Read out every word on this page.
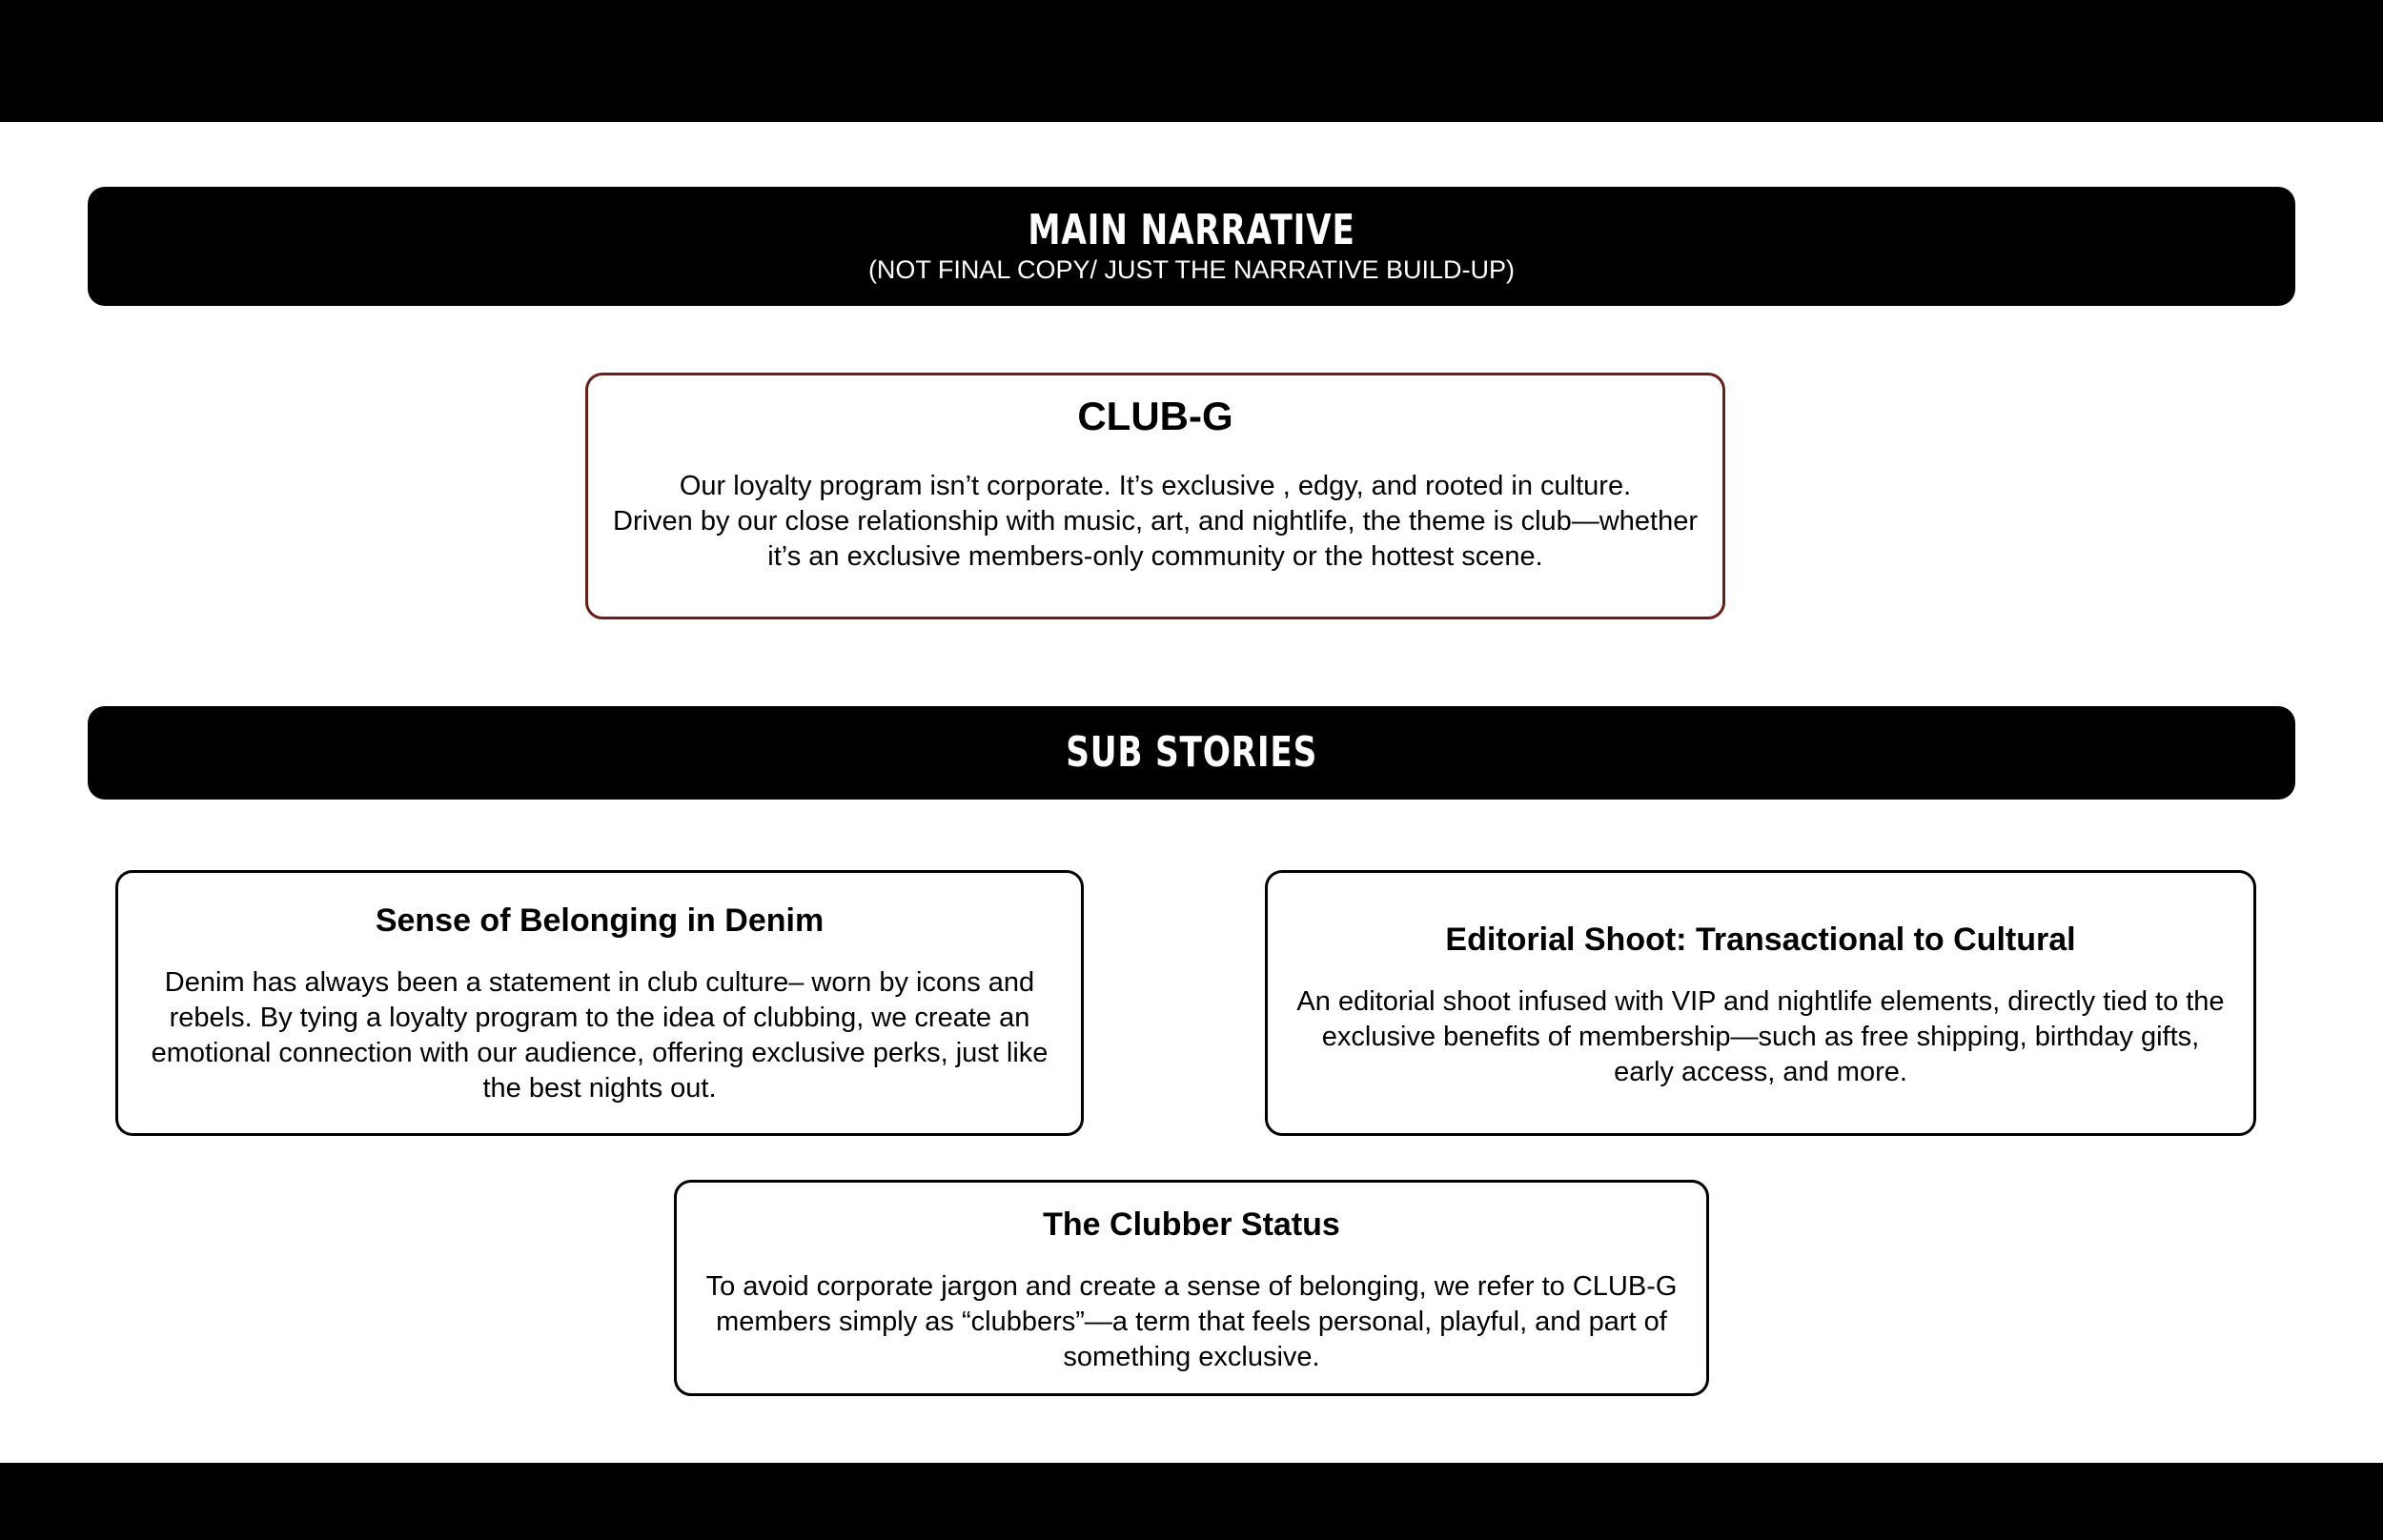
MAIN NARRATIVE
(NOT FINAL COPY/ JUST THE NARRATIVE BUILD-UP)
CLUB-G
Our loyalty program isn’t corporate. It’s exclusive , edgy, and rooted in culture.
Driven by our close relationship with music, art, and nightlife, the theme is club—whether
it’s an exclusive members-only community or the hottest scene.
SUB STORIES
Sense of Belonging in Denim
Denim has always been a statement in club culture– worn by icons and
rebels. By tying a loyalty program to the idea of clubbing, we create an
emotional connection with our audience, offering exclusive perks, just like
the best nights out.
Editorial Shoot: Transactional to Cultural
An editorial shoot infused with VIP and nightlife elements, directly tied to the
exclusive benefits of membership—such as free shipping, birthday gifts,
early access, and more.
The Clubber Status
To avoid corporate jargon and create a sense of belonging, we refer to CLUB-G
members simply as “clubbers”—a term that feels personal, playful, and part of
something exclusive.
